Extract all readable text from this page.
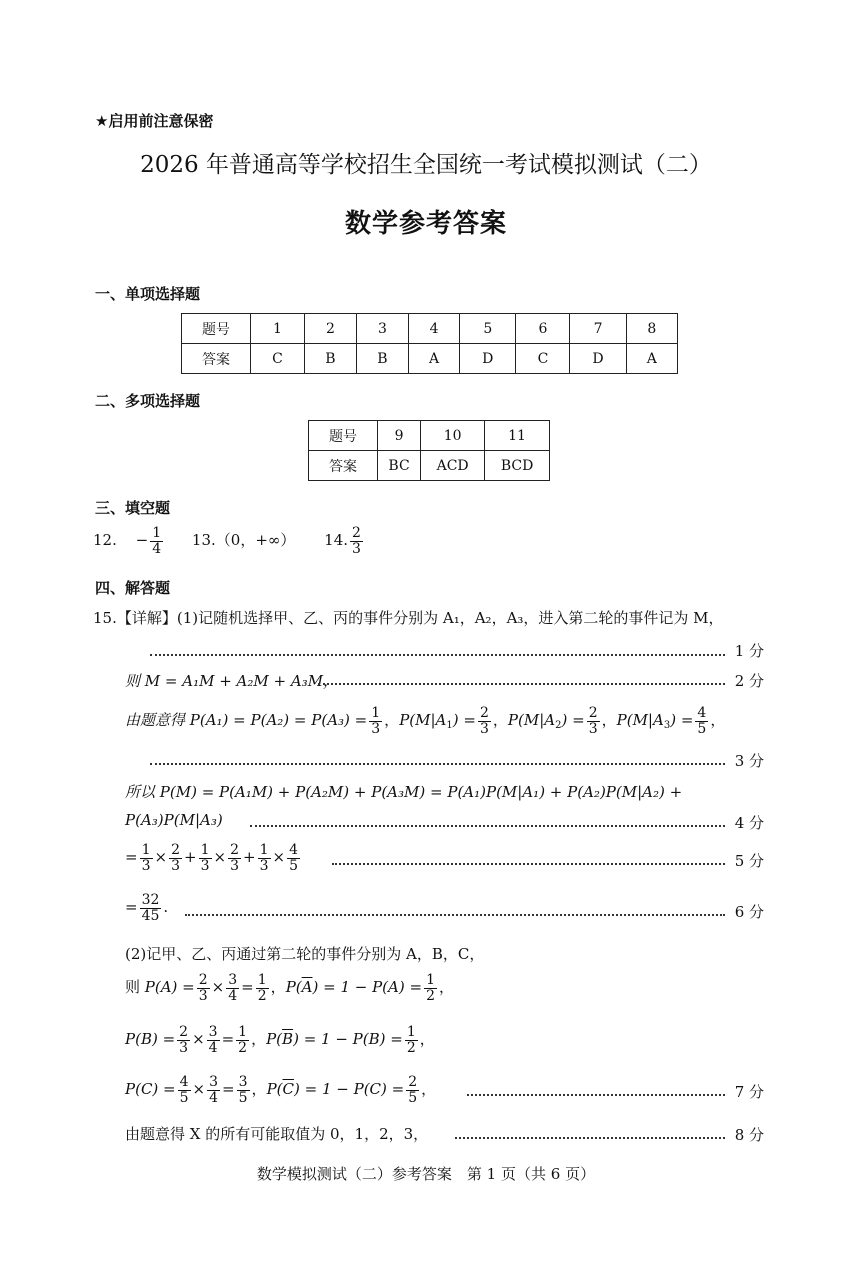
★启用前注意保密
2026 年普通高等学校招生全国统一考试模拟测试（二）
数学参考答案
一、单项选择题
题号	1	2	3	4	5	6	7	8
答案	C	B	B	A	D	C	D	A
二、多项选择题
题号	9	10	11
答案	BC	ACD	BCD
三、填空题
12. − $\frac{1}{4} 13.(0$，+∞） 14. $\frac{2}{3}$
四、解答题
15.【详解】(1)记随机选择甲、乙、丙的事件分别为 A₁，A₂，A₃，进入第二轮的事件记为 M，
1 分
则 M = A₁M + A₂M + A₃M，	2 分
由题意得 $P(A_1) = P(A_2) = P(A_3) = \frac{1}{3}$ ，$P(M|A_1) = \frac{2}{3}$ ，$P(M|A_2) = \frac{2}{3}$ ，$P(M|A_3) = \frac{4}{5}$ ，
3 分
所以 P(M) = P(A₁M) + P(A₂M) + P(A₃M) = P(A₁)P(M|A₁) + P(A₂)P(M|A₂) +
P(A₃)P(M|A₃)	4 分
= $\frac{1}{3} \times \frac{2}{3} + \frac{1}{3} \times \frac{2}{3} + \frac{1}{3} \times \frac{4}{5}$	5 分
= $\frac{32}{45}$ .	6 分
(2)记甲、乙、丙通过第二轮的事件分别为 A，B，C，
则 $P(A) = \frac{2}{3} \times \frac{3}{4} = \frac{1}{2}$ ，$P(\overline{A}) = 1 - P(A) = \frac{1}{2}$ ，
$P(B) = \frac{2}{3} \times \frac{3}{4} = \frac{1}{2}$ ，$P(\overline{B}) = 1 - P(B) = \frac{1}{2}$ ，
$P(C) = \frac{4}{5} \times \frac{3}{4} = \frac{3}{5}$ ，$P(\overline{C}) = 1 - P(C) = \frac{2}{5}$ ，	7 分
由题意得 X 的所有可能取值为 0，1，2，3，	8 分
数学模拟测试（二）参考答案　第 1 页（共 6 页）
